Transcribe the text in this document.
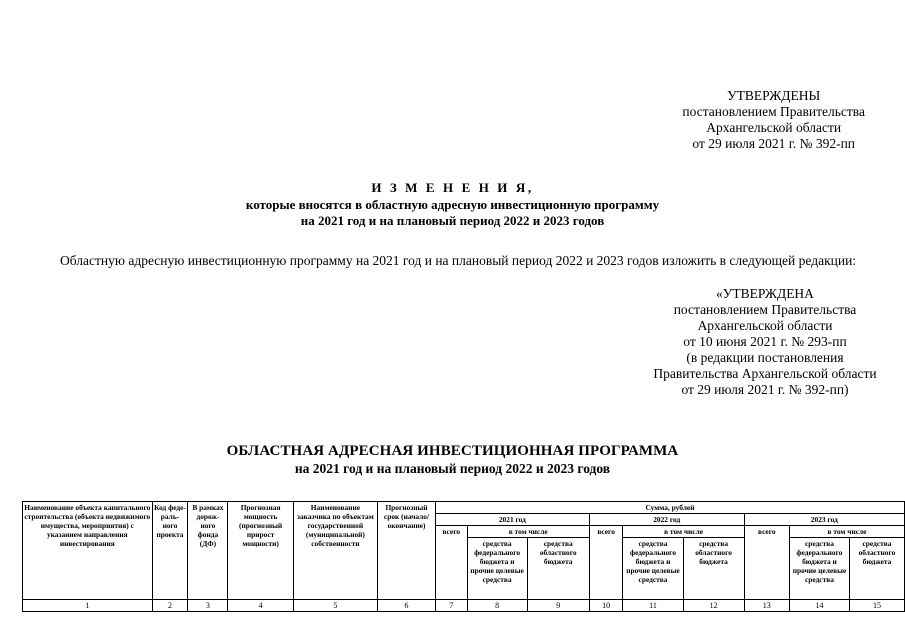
УТВЕРЖДЕНЫ
постановлением Правительства
Архангельской области
от 29 июля 2021 г. № 392-пп
И З М Е Н Е Н И Я,
которые вносятся в областную адресную инвестиционную программу
на 2021 год и на плановый период 2022 и 2023 годов
Областную адресную инвестиционную программу на 2021 год и на плановый период 2022 и 2023 годов изложить в следующей редакции:
«УТВЕРЖДЕНА
постановлением Правительства
Архангельской области
от 10 июня 2021 г. № 293-пп
(в редакции постановления
Правительства Архангельской области
от 29 июля 2021 г. № 392-пп)
ОБЛАСТНАЯ АДРЕСНАЯ ИНВЕСТИЦИОННАЯ ПРОГРАММА
на 2021 год и на плановый период 2022 и 2023 годов
Наименование объекта капитального строительства (объекта недвижимого имущества, мероприятия) с указанием направления инвестирования	Код феде-раль-ного проекта	В рамках дорож-ного фонда (ДФ)	Прогнозная мощность (прогнозный прирост мощности)	Наименование заказчика по объектам государственной (муниципальной) собственности	Прогнозный срок (начало/ окончание)	Сумма, рублей								
						2021 год			2022 год			2023 год		
						всего	в том числе		всего	в том числе		всего	в том числе	
							средства федерального бюджета и прочие целевые средства	средства областного бюджета		средства федерального бюджета и прочие целевые средства	средства областного бюджета		средства федерального бюджета и прочие целевые средства	средства областного бюджета
1	2	3	4	5	6	7	8	9	10	11	12	13	14	15
